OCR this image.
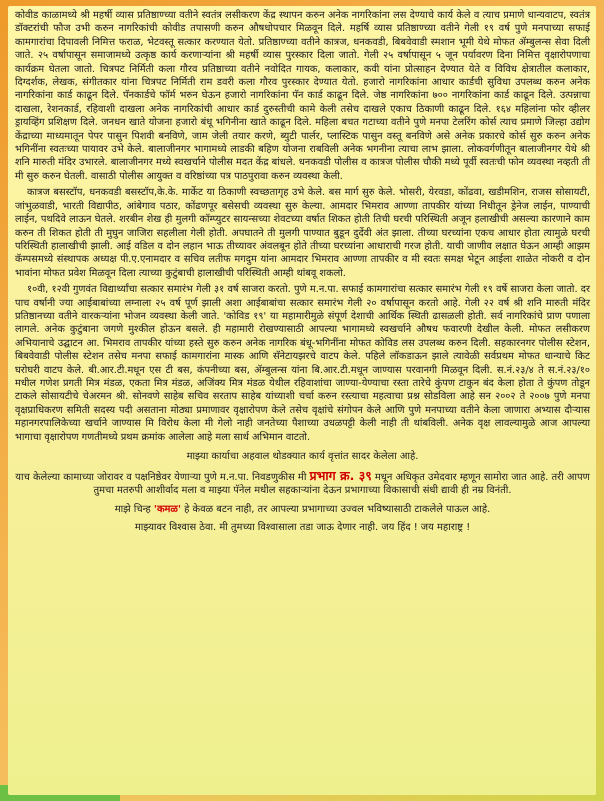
कोवीड काळामध्ये श्री महर्षी व्यास प्रतिष्ठाण्च्या वतीने स्वतंत्र लसीकरण केंद्र स्थापन करुन अनेक नागरिकांना लस देण्याचे कार्य केले व त्याच प्रमाणे धान्यवाटप, स्वतंत्र डॉक्टरांची फौज उभी करुन नागरिकांची कोवीड तपासणी करुन औषधोपचार मिळवून दिले. महर्षि व्यास प्रतिष्ठाण्च्या वतीने गेली १९ वर्ष पुणे मनपाच्या सफाई कामगारांचा दिपावली निमित्त फराळ, भेटवस्तू सत्कार करण्यात येतो. प्रतिष्ठाण्च्या वतीने कात्रज, धनकवडी, बिबवेवाडी स्मशान भूमी येथे मोफत ॲम्बुलन्स सेवा दिली जाते. २५ वर्षापासून समाजामध्ये उत्कृष्ठ कार्य करणाऱ्यांना श्री महर्षी व्यास पुरस्कार दिला जातो. गेली २५ वर्षापासून ५ जून पर्यावरण दिना निमित्त वृक्षारोपणाचा कार्यक्रम घेतला जातो. चित्रपट निर्मिती कला गौरव प्रतिष्ठाच्या वतीने नवोदित गायक, कलाकार, कवी यांना प्रोत्साहन देण्यात येते व विविध क्षेत्रातील कलाकार, दिग्दर्शक, लेखक, संगीतकार यांना चित्रपट निर्मिती राम डवरी कला गौरव पुरस्कार देण्यात येतो. हजारो नागरिकांना आधार कार्डची सुविधा उपलब्ध करुन अनेक नागरिकांना कार्ड काढून दिले. पॅनकार्डचे फॉर्म भरुन घेऊन हजारो नागरिकांना पॅन कार्ड काढून दिले. जेष्ठ नागरिकांना ७०० नागरिकांना कार्ड काढून दिले. उत्पन्नाचा दाखला, रेशनकार्ड, रहिवाशी दाखला अनेक नागरिकांची आधार कार्ड दुरुस्तीची कामे केली तसेच दाखले एकाच ठिकाणी काढून दिले. १६४ महिलांना फोर व्हीलर ड्रायव्हिंग प्रशिक्षण दिले. जनधन खाते योजना हजारो बंधू भगिनीना खाते काढून दिले. महिला बचत गटाच्या वतीने पुणे मनपा टेलरिंग कोर्स त्याच प्रमाणे जिल्हा उद्योग केंद्राच्या माध्यमातून पेपर पासुन पिशवी बनविणे, जाम जेली तयार करणे, ब्युटी पार्लर, प्लास्टिक पासुन वस्तू बनविणे असे अनेक प्रकारचे कोर्स सुरु करुन अनेक भगिनींना स्वतःच्या पायावर उभे केले. बालाजीनगर भागामध्ये लाडकी बहिण योजना राबविली अनेक भगनीना त्याचा लाभ झाला. लोकवर्गणीतून बालाजीनगर येथे श्री शनि मारुती मंदिर उभारले. बालाजीनगर मध्ये स्वखर्चाने पोलीस मदत केंद्र बांधले. धनकवडी पोलीस व कात्रज पोलीस चौकी मध्ये पूर्वी स्वतःची फोन व्यवस्था नव्हती ती मी सुरु करुन घेतली. वासाठी पोलीस आयुक्त व वरिष्ठांच्या पत्र पाठपुरावा करुन व्यवस्था केली.

कात्रज बसस्टॉप, धनकवडी बसस्टॉप,के.के. मार्केट या ठिकाणी स्वच्छतागृह उभे केले. बस मार्ग सुरु केले. भोसरी, येरवडा, कोंढवा, खडीमशिन, राजस सोसायटी, जांभुळवाडी, भारती विद्यापीठ, आंबेगाव पठार, कोंढणपूर बसेसची व्यवस्था सुरु केल्या. आमदार भिमराव आण्णा तापकीर यांच्या निधीतून ड्रेनेज लाईन, पाण्याची लाईन, पथदिवे लाऊन घेतले. शरबीन शेख ही मुलगी कॉम्प्युटर सायन्सच्या शेवटच्या वर्षात शिकत होती तिची घरची परिस्थिती अजून हलाखीची असल्या कारणाने काम करुन ती शिकत होती ती मुघुन जाजिरा सहलीला गेली होती. अपघातने ती मुलगी पाण्यात बुडून दुर्देवी अंत झाला. तीच्या घरच्यांना एकच आधार होता त्यामुळे घरची परिस्थिती हालाखीची झाली. आई वडिल व दोन लहान भाऊ तीच्यावर अंवलबून होते तीच्या घरच्यांना आधाराची गरज होती. याची जाणीव लक्षात घेऊन आम्ही आझम कॅम्पसमध्ये संस्थापक अध्यक्ष पी.ए.एनामदार व सचिव लतीफ मगदुम यांना आमदार भिमराव आण्णा तापकीर व मी स्वतः समक्ष भेटून आईला शाळेत नोकरी व दोन भावांना मोफत प्रवेश मिळवून दिला त्याच्या कुटुंबाची हालाखीची परिस्थिती आम्ही थांबवू शकलो.

१०वी, १२वी गुणवंत विद्यार्थ्यांचा सत्कार समारंभ गेली ३१ वर्ष साजरा करतो. पुणे म.न.पा. सफाई कामगारांचा सत्कार समारंभ गेली १९ वर्षे साजरा केला जातो. दर पाच वर्षानी ज्या आईबाबांच्या लग्नाला २५ वर्ष पूर्ण झाली अशा आईबाबांचा सत्कार समारंभ गेली २० वर्षापासून करतो आहे. गेली २२ वर्ष श्री शनि मारुती मंदिर प्रतिष्ठानच्या वतीने वारकऱ्यांना भोजन व्यवस्था केली जाते. 'कोविड १९' या महामारीमुळे संपूर्ण देशाची आर्थिक स्थिती ढासळली होती. सर्व नागरिकांचे प्राण पणाला लागले. अनेक कुटुंबाना जगणे मुश्कील होऊन बसले. ही महामारी रोखण्यासाठी आपल्या भागामध्ये स्वखर्चाने औषध फवारणी देखील केली. मोफत लसीकरण अभियानाचे उद्घाटन आ. भिमराव तापकीर यांच्या हस्ते सुरु करुन अनेक नागरिक बंधू-भगिनींना मोफत कोविड लस उपलब्ध करुन दिली. सहकारनगर पोलीस स्टेशन, बिबवेवाडी पोलीस स्टेशन तसेच मनपा सफाई कामगारांना मास्क आणि सॅनेटायझरचे वाटप केले. पहिले लॉकडाऊन झाले त्यावेळी सर्वप्रथम मोफत धान्याचे किट घरोघरी वाटप केले. बी.आर.टी.मधून एस टी बस, कंपनीच्या बस, ॲम्बुलन्स यांना बि.आर.टी.मधून जाण्यास परवानगी मिळवून दिली. स.नं.२३/४ ते स.नं.२३/१० मधील गणेश प्रगती मित्र मंडळ, एकता मित्र मंडळ, अजिंक्य मित्र मंडळ येथील रहिवाशांचा जाण्या-येण्याचा रस्ता तारेचे कुंपण टाकुन बंद केला होता ते कुंपण तोडून टाकले सोसायटीचे चेअरमन श्री. सोनवणे साहेब सचिव सरताप साहेब यांच्याशी चर्चा करुन रस्त्याचा महत्वाचा प्रश्न सोडविला आहे सन २००२ ते २००७ पुणे मनपा वृक्षप्राधिकरण समिती सदस्य पदी असताना मोठ्या प्रमाणावर वृक्षारोपण केले तसेच वृक्षांचे संगोपन केले आणि पुणे मनपाच्या वतीने केला जाणारा अभ्यास दौऱ्यास महानगरपालिकेच्या खर्चाने जाण्यास मि विरोध केला मी गेलो नाही जनतेच्या पैशाच्या उधळपट्टी केली नाही ती थांबविली. अनेक वृक्ष लावल्यामुळे आज आपल्या भागाचा वृक्षारोपण गणतीमध्ये प्रथम क्रमांक आलेला आहे मला सार्थ अभिमान वाटतो.

माझ्या कार्याचा अहवाल थोडक्यात कार्य वृत्तांत सादर केलेला आहे.

याच केलेल्या कामाच्या जोरावर व पक्षनिष्ठेवर येणाऱ्या पुणे म.न.पा. निवडणुकीस मी प्रभाग क्र. ३९ मधून अधिकृत उमेदवार म्हणून सामोरा जात आहे. तरी आपण तुमचा मतरुपी आशीर्वाद मला व माझ्या पॅनेल मधील सहकाऱ्यांना देऊन प्रभागाच्या विकासाची संधी द्यावी ही नम्र विनंती.

माझे चिन्ह 'कमळ' हे केवळ बटन नाही, तर आपल्या प्रभागाच्या उज्वल भविष्यासाठी टाकलेले पाऊल आहे.

माझ्यावर विश्वास ठेवा. मी तुमच्या विश्वासाला तडा जाऊ देणार नाही. जय हिंद ! जय महाराष्ट्र !
